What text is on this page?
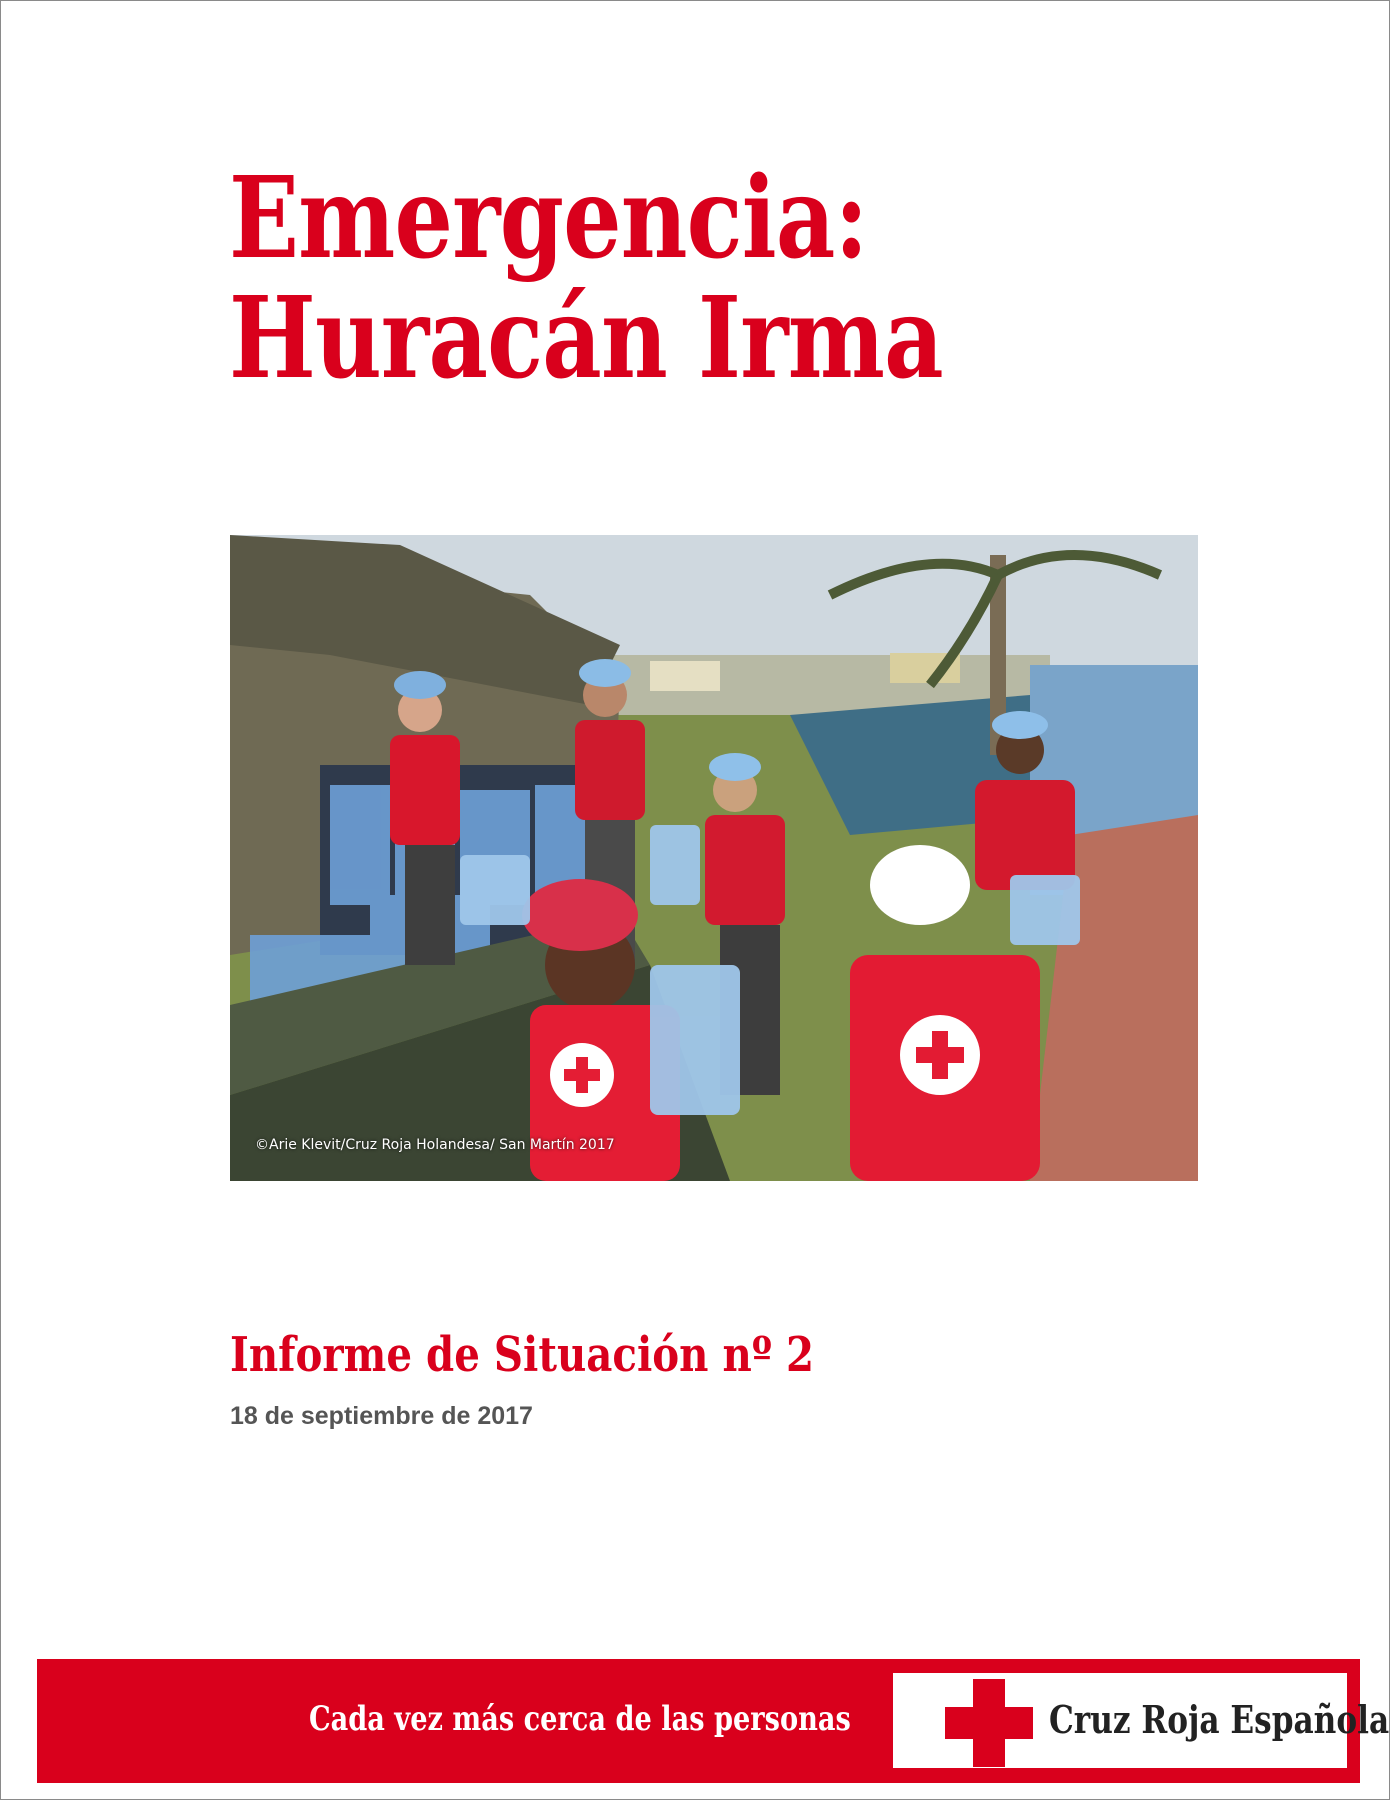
Emergencia:
Huracán Irma
©Arie Klevit/Cruz Roja Holandesa/ San Martín 2017
Informe de Situación nº 2
18 de septiembre de 2017
Cada vez más cerca de las personas	Cruz Roja Española
